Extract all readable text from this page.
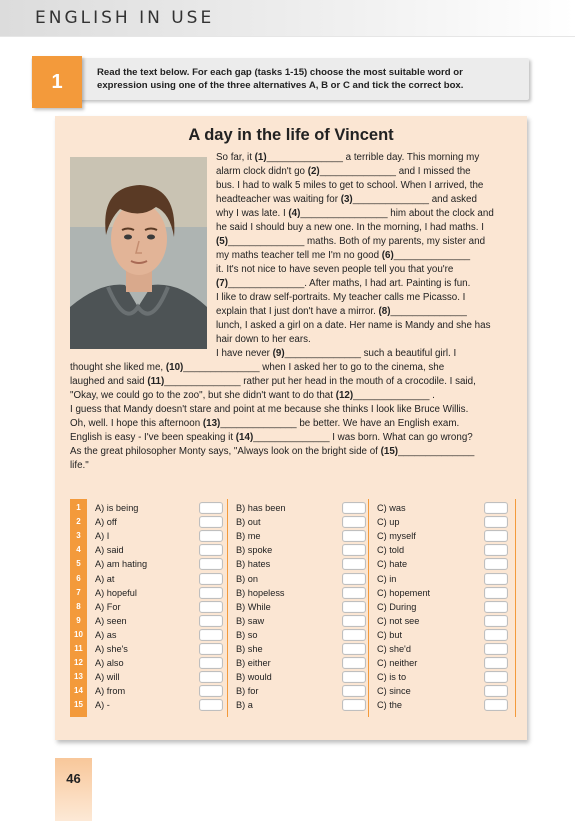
ENGLISH IN USE
1	Read the text below. For each gap (tasks 1-15) choose the most suitable word or
expression using one of the three alternatives A, B or C and tick the correct box.
A day in the life of Vincent
So far, it (1)______________ a terrible day. This morning my
alarm clock didn't go (2)______________ and I missed the
bus. I had to walk 5 miles to get to school. When I arrived, the
headteacher was waiting for (3)______________ and asked
why I was late. I (4)________________ him about the clock and
he said I should buy a new one. In the morning, I had maths. I
(5)______________ maths. Both of my parents, my sister and
my maths teacher tell me I'm no good (6)______________
it. It's not nice to have seven people tell you that you're
(7)______________. After maths, I had art. Painting is fun.
I like to draw self-portraits. My teacher calls me Picasso. I
explain that I just don't have a mirror. (8)______________
lunch, I asked a girl on a date. Her name is Mandy and she has
hair down to her ears.
I have never (9)______________ such a beautiful girl. I
thought she liked me, (10)______________ when I asked her to go to the cinema, she
laughed and said (11)______________ rather put her head in the mouth of a crocodile. I said,
"Okay, we could go to the zoo", but she didn't want to do that (12)______________ .
I guess that Mandy doesn't stare and point at me because she thinks I look like Bruce Willis.
Oh, well. I hope this afternoon (13)______________ be better. We have an English exam.
English is easy - I've been speaking it (14)______________ I was born. What can go wrong?
As the great philosopher Monty says, "Always look on the bright side of (15)______________
life."
1	A) is being	B) has been	C) was
2	A) off	B) out	C) up
3	A) I	B) me	C) myself
4	A) said	B) spoke	C) told
5	A) am hating	B) hates	C) hate
6	A) at	B) on	C) in
7	A) hopeful	B) hopeless	C) hopement
8	A) For	B) While	C) During
9	A) seen	B) saw	C) not see
10	A) as	B) so	C) but
11	A) she's	B) she	C) she'd
12	A) also	B) either	C) neither
13	A) will	B) would	C) is to
14	A) from	B) for	C) since
15	A) -	B) a	C) the
46
